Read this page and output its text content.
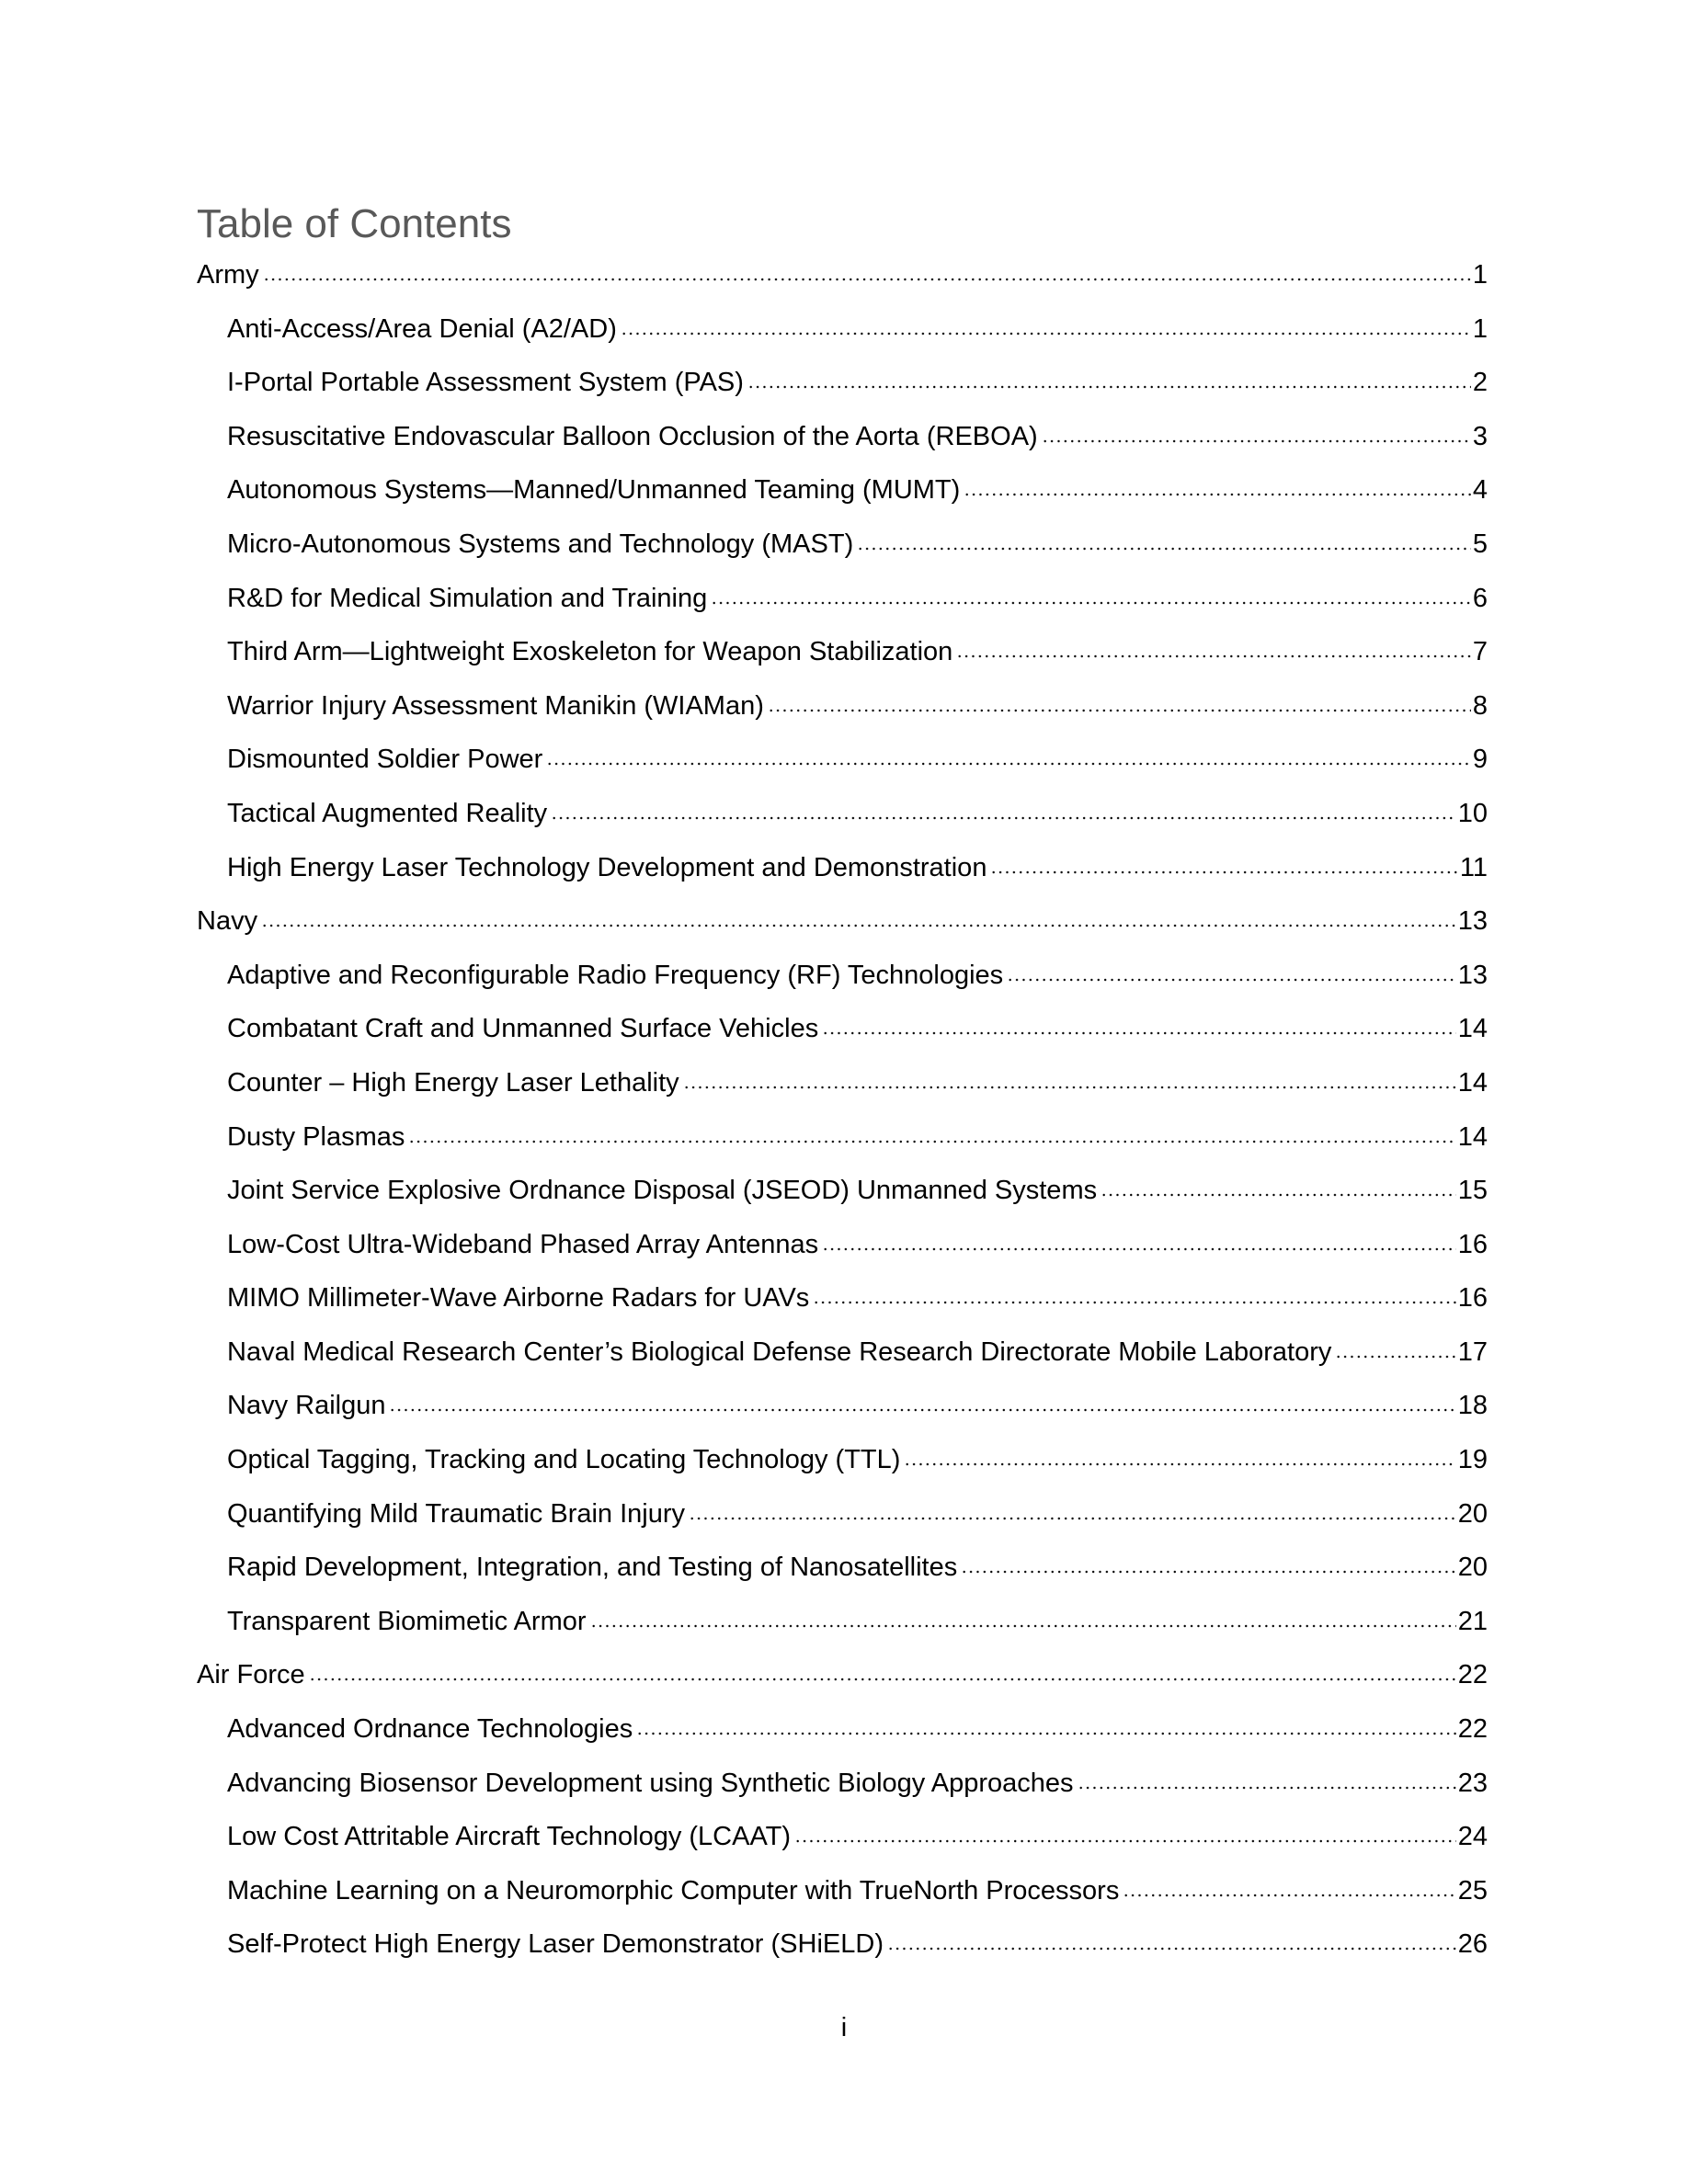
Table of Contents
Army	1
Anti-Access/Area Denial (A2/AD)	1
I-Portal Portable Assessment System (PAS)	2
Resuscitative Endovascular Balloon Occlusion of the Aorta (REBOA)	3
Autonomous Systems—Manned/Unmanned Teaming (MUMT)	4
Micro-Autonomous Systems and Technology (MAST)	5
R&D for Medical Simulation and Training	6
Third Arm—Lightweight Exoskeleton for Weapon Stabilization	7
Warrior Injury Assessment Manikin (WIAMan)	8
Dismounted Soldier Power	9
Tactical Augmented Reality	10
High Energy Laser Technology Development and Demonstration	11
Navy	13
Adaptive and Reconfigurable Radio Frequency (RF) Technologies	13
Combatant Craft and Unmanned Surface Vehicles	14
Counter – High Energy Laser Lethality	14
Dusty Plasmas	14
Joint Service Explosive Ordnance Disposal (JSEOD) Unmanned Systems	15
Low-Cost Ultra-Wideband Phased Array Antennas	16
MIMO Millimeter-Wave Airborne Radars for UAVs	16
Naval Medical Research Center’s Biological Defense Research Directorate Mobile Laboratory	17
Navy Railgun	18
Optical Tagging, Tracking and Locating Technology (TTL)	19
Quantifying Mild Traumatic Brain Injury	20
Rapid Development, Integration, and Testing of Nanosatellites	20
Transparent Biomimetic Armor	21
Air Force	22
Advanced Ordnance Technologies	22
Advancing Biosensor Development using Synthetic Biology Approaches	23
Low Cost Attritable Aircraft Technology (LCAAT)	24
Machine Learning on a Neuromorphic Computer with TrueNorth Processors	25
Self-Protect High Energy Laser Demonstrator (SHiELD)	26
i
